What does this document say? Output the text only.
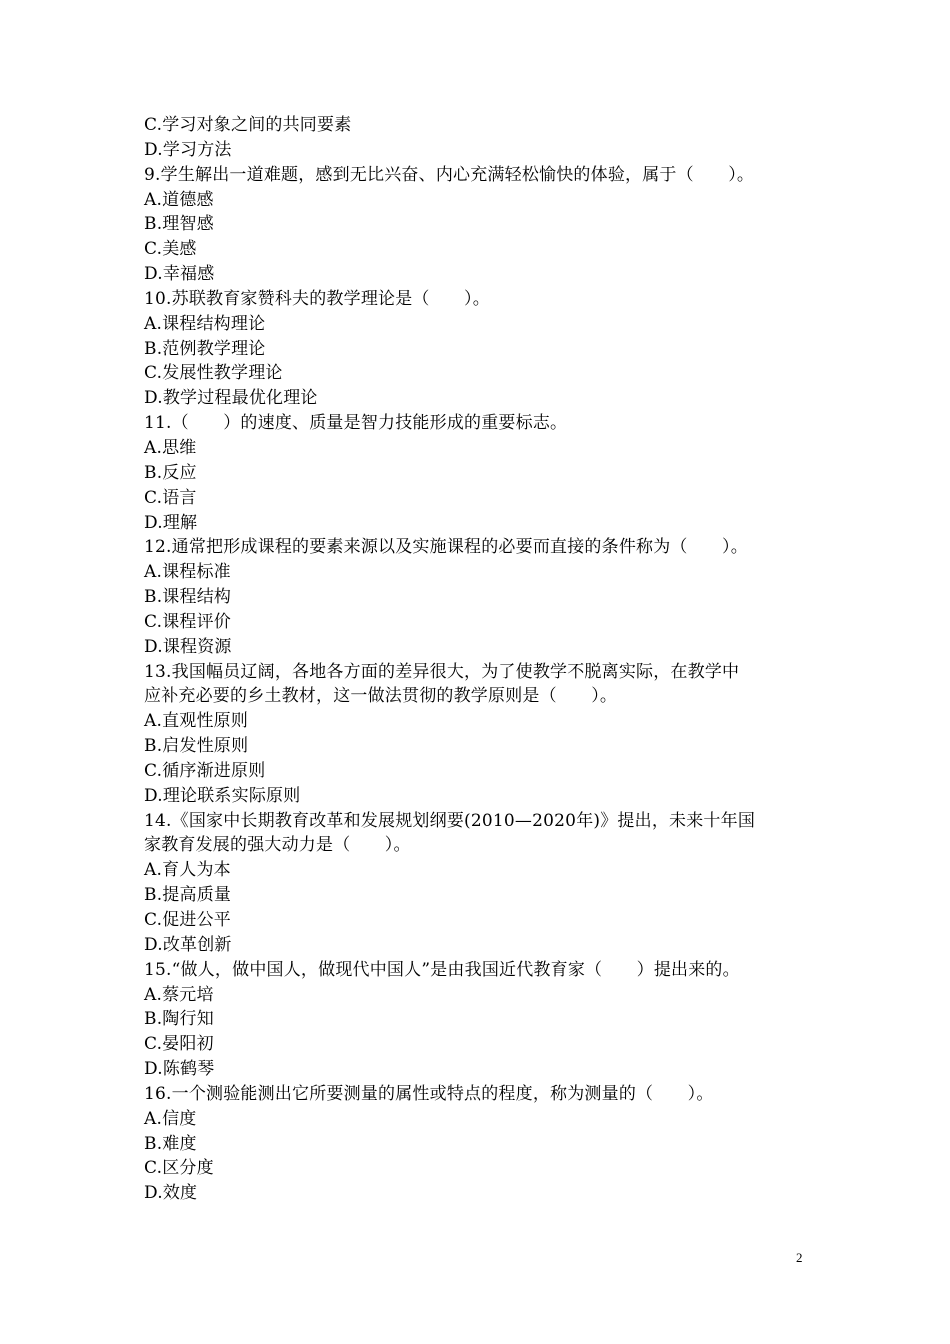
C.学习对象之间的共同要素
D.学习方法
9.学生解出一道难题，感到无比兴奋、内心充满轻松愉快的体验，属于（　　）。
A.道德感
B.理智感
C.美感
D.幸福感
10.苏联教育家赞科夫的教学理论是（　　）。
A.课程结构理论
B.范例教学理论
C.发展性教学理论
D.教学过程最优化理论
11.（　　）的速度、质量是智力技能形成的重要标志。
A.思维
B.反应
C.语言
D.理解
12.通常把形成课程的要素来源以及实施课程的必要而直接的条件称为（　　）。
A.课程标准
B.课程结构
C.课程评价
D.课程资源
13.我国幅员辽阔，各地各方面的差异很大，为了使教学不脱离实际，在教学中
应补充必要的乡土教材，这一做法贯彻的教学原则是（　　）。
A.直观性原则
B.启发性原则
C.循序渐进原则
D.理论联系实际原则
14.《国家中长期教育改革和发展规划纲要(2010—2020年)》提出，未来十年国
家教育发展的强大动力是（　　）。
A.育人为本
B.提高质量
C.促进公平
D.改革创新
15.“做人，做中国人，做现代中国人”是由我国近代教育家（　　）提出来的。
A.蔡元培
B.陶行知
C.晏阳初
D.陈鹤琴
16.一个测验能测出它所要测量的属性或特点的程度，称为测量的（　　）。
A.信度
B.难度
C.区分度
D.效度
2
